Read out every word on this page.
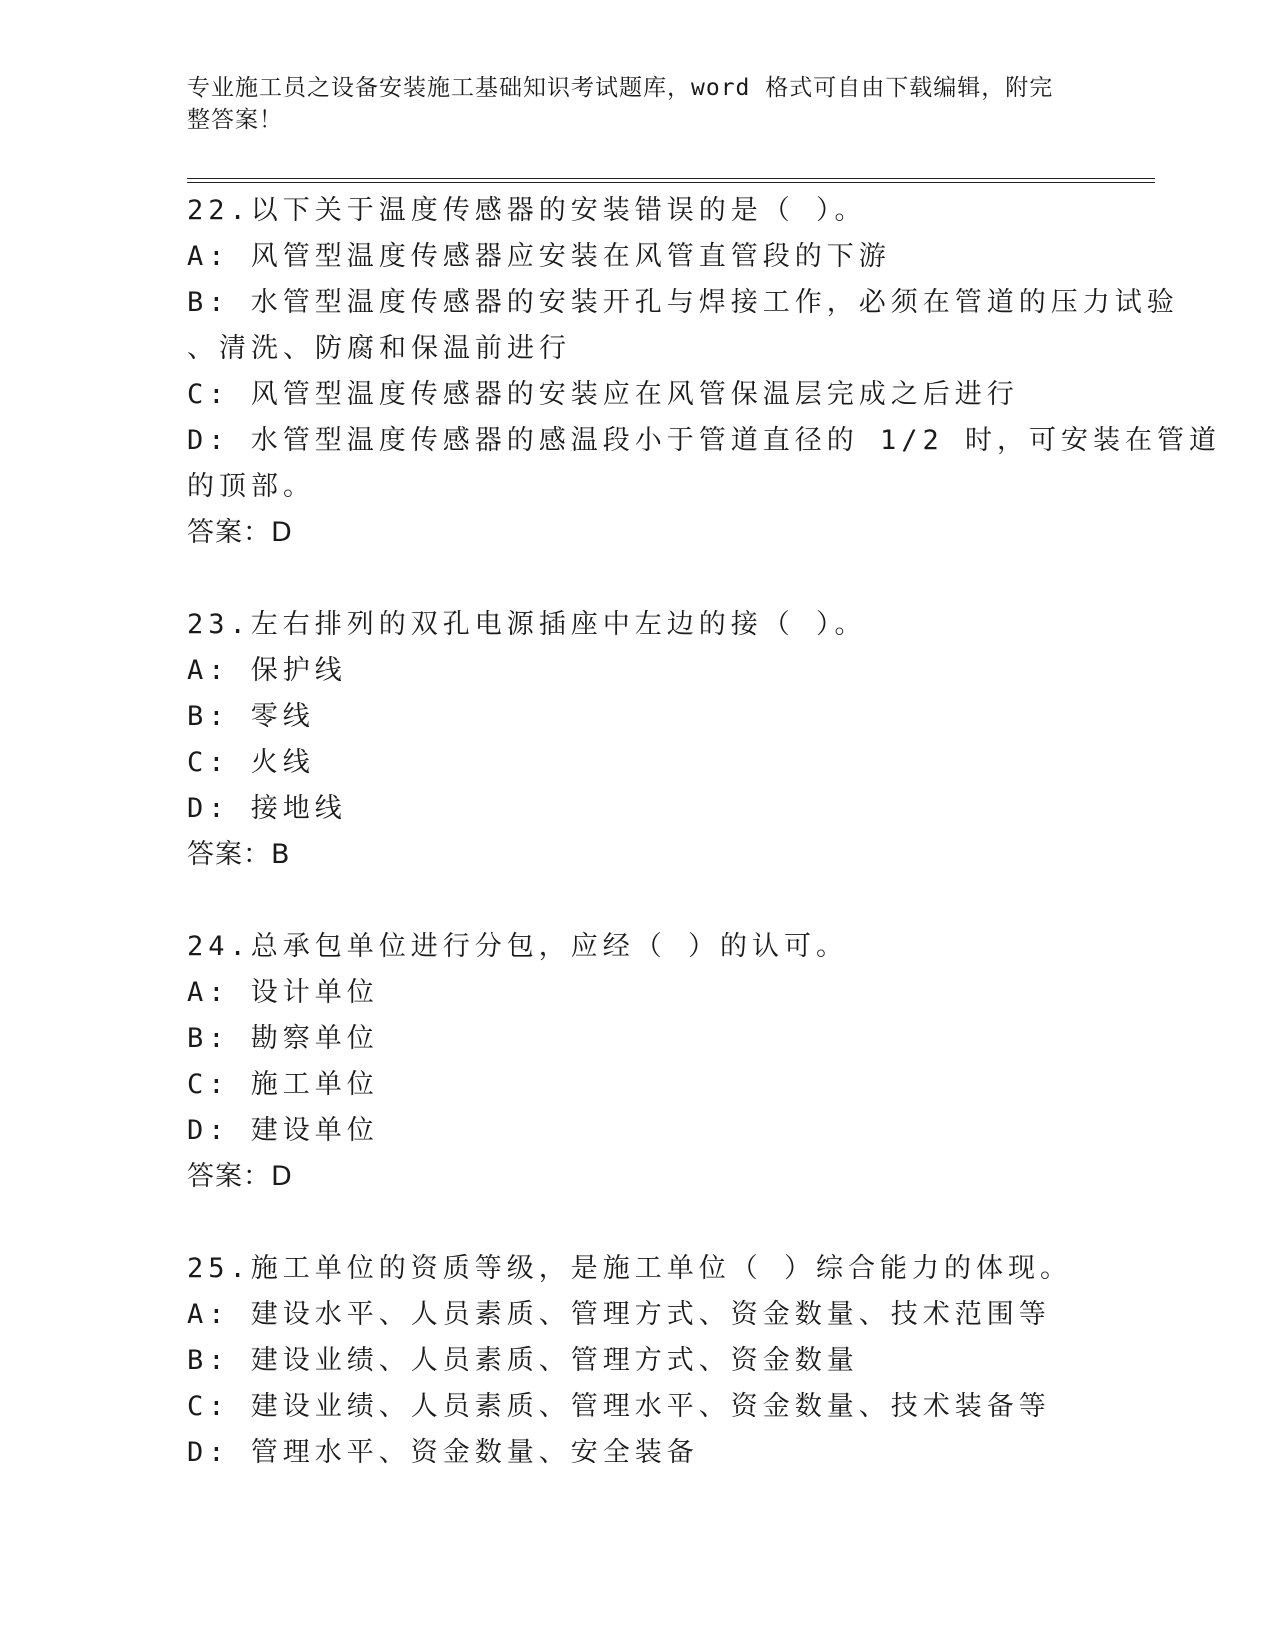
专业施工员之设备安装施工基础知识考试题库，word 格式可自由下载编辑，附完
整答案！
22.以下关于温度传感器的安装错误的是（ ）。
A: 风管型温度传感器应安装在风管直管段的下游
B: 水管型温度传感器的安装开孔与焊接工作，必须在管道的压力试验
、清洗、防腐和保温前进行
C: 风管型温度传感器的安装应在风管保温层完成之后进行
D: 水管型温度传感器的感温段小于管道直径的 1/2 时，可安装在管道
的顶部。
答案：D
23.左右排列的双孔电源插座中左边的接（ ）。
A: 保护线
B: 零线
C: 火线
D: 接地线
答案：B
24.总承包单位进行分包，应经（ ）的认可。
A: 设计单位
B: 勘察单位
C: 施工单位
D: 建设单位
答案：D
25.施工单位的资质等级，是施工单位（ ）综合能力的体现。
A: 建设水平、人员素质、管理方式、资金数量、技术范围等
B: 建设业绩、人员素质、管理方式、资金数量
C: 建设业绩、人员素质、管理水平、资金数量、技术装备等
D: 管理水平、资金数量、安全装备
